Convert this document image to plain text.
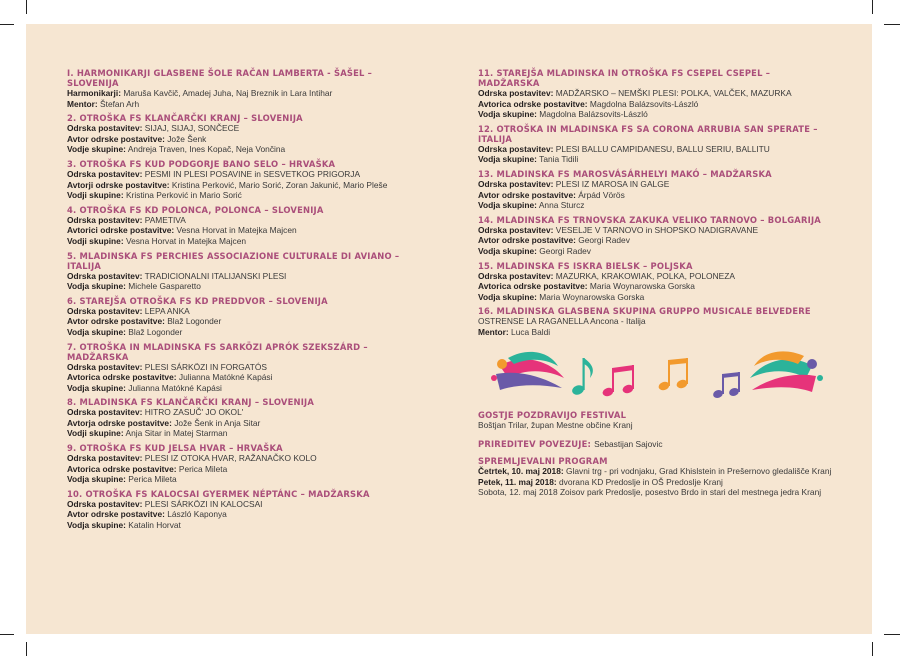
I. HARMONIKARJI GLASBENE ŠOLE RAČAN LAMBERTA - ŠAŠEL – SLOVENIJA
Harmonikarji: Maruša Kavčič, Amadej Juha, Naj Breznik in Lara Intihar
Mentor: Štefan Arh
2. OTROŠKA FS KLANČARČKI KRANJ – SLOVENIJA
Odrska postavitev: SIJAJ, SIJAJ, SONČECE
Avtor odrske postavitve: Jože Šenk
Vodje skupine: Andreja Traven, Ines Kopač, Neja Vončina
3. OTROŠKA FS KUD PODGORJE BANO SELO – HRVAŠKA
Odrska postavitev: PESMI IN PLESI POSAVINE in SESVETKOG PRIGORJA
Avtorji odrske postavitve: Kristina Perković, Mario Sorić, Zoran Jakunić, Mario Pleše
Vodji skupine: Kristina Perković in Mario Sorić
4. OTROŠKA FS KD POLONCA, POLONCA – SLOVENIJA
Odrska postavitev: PAMETIVA
Avtorici odrske postavitve: Vesna Horvat in Matejka Majcen
Vodji skupine: Vesna Horvat in Matejka Majcen
5. MLADINSKA FS PERCHIES ASSOCIAZIONE CULTURALE DI AVIANO – ITALIJA
Odrska postavitev: TRADICIONALNI ITALIJANSKI PLESI
Vodja skupine: Michele Gasparetto
6. STAREJŠA OTROŠKA FS KD PREDDVOR – SLOVENIJA
Odrska postavitev: LEPA ANKA
Avtor odrske postavitve: Blaž Logonder
Vodja skupine: Blaž Logonder
7. OTROŠKA IN MLADINSKA FS SARKÖZI APRÓK SZEKSZÁRD – MADŽARSKA
Odrska postavitev: PLESI SÁRKÖZI IN FORGATÓS
Avtorica odrske postavitve: Julianna Matókné Kapási
Vodja skupine: Julianna Matókné Kapási
8. MLADINSKA FS KLANČARČKI KRANJ – SLOVENIJA
Odrska postavitev: HITRO ZASUČ' JO OKOL'
Avtorja odrske postavitve: Jože Šenk in Anja Sitar
Vodji skupine: Anja Sitar in Matej Starman
9. OTROŠKA FS KUD JELSA HVAR – HRVAŠKA
Odrska postavitev: PLESI IZ OTOKA HVAR, RAŽANAČKO KOLO
Avtorica odrske postavitve: Perica Mileta
Vodja skupine: Perica Mileta
10. OTROŠKA FS KALOCSAI GYERMEK NÉPTÁNC – MADŽARSKA
Odrska postavitev: PLESI SÁRKÖZI IN KALOCSAI
Avtor odrske postavitve: László Kaponya
Vodja skupine: Katalin Horvat
11. STAREJŠA MLADINSKA IN OTROŠKA FS CSEPEL CSEPEL – MADŽARSKA
Odrska postavitev: MADŽARSKO – NEMŠKI PLESI: POLKA, VALČEK, MAZURKA
Avtorica odrske postavitve: Magdolna Balázsovits-László
Vodja skupine: Magdolna Balázsovits-László
12. OTROŠKA IN MLADINSKA FS SA CORONA ARRUBIA SAN SPERATE – ITALIJA
Odrska postavitev: PLESI BALLU CAMPIDANESU, BALLU SERIU, BALLITU
Vodja skupine: Tania Tidili
13. MLADINSKA FS MAROSVÁSÁRHELYI MAKÓ – MADŽARSKA
Odrska postavitev: PLESI IZ MAROSA IN GALGE
Avtor odrske postavitve: Árpád Vörös
Vodja skupine: Anna Sturcz
14. MLADINSKA FS TRNOVSKA ZAKUKA VELIKO TARNOVO – BOLGARIJA
Odrska postavitev: VESELJE V TARNOVO in SHOPSKO NADIGRAVANE
Avtor odrske postavitve: Georgi Radev
Vodja skupine: Georgi Radev
15. MLADINSKA FS ISKRA BIELSK – POLJSKA
Odrska postavitev: MAZURKA, KRAKOWIAK, POLKA, POLONEZA
Avtorica odrske postavitve: Maria Woynarowska Gorska
Vodja skupine: Maria Woynarowska Gorska
16. MLADINSKA GLASBENA SKUPINA GRUPPO MUSICALE BELVEDERE
OSTRENSE LA RAGANELLA Ancona - Italija
Mentor: Luca Baldi
GOSTJE POZDRAVIJO FESTIVAL
Boštjan Trilar, župan Mestne občine Kranj
PRIREDITEV POVEZUJE: Sebastijan Sajovic
SPREMLJEVALNI PROGRAM
Četrtek, 10. maj 2018: Glavni trg - pri vodnjaku, Grad Khislstein in Prešernovo gledališče Kranj
Petek, 11. maj 2018: dvorana KD Predoslje in OŠ Predoslje Kranj
Sobota, 12. maj 2018 Zoisov park Predoslje, posestvo Brdo in stari del mestnega jedra Kranj
